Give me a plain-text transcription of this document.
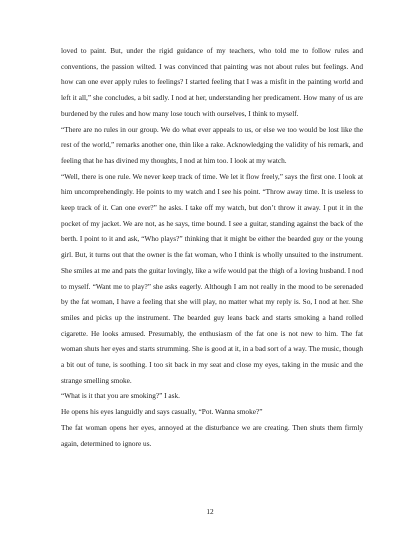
loved to paint. But, under the rigid guidance of my teachers, who told me to follow rules and conventions, the passion wilted. I was convinced that painting was not about rules but feelings. And how can one ever apply rules to feelings? I started feeling that I was a misfit in the painting world and left it all,” she concludes, a bit sadly. I nod at her, understanding her predicament. How many of us are burdened by the rules and how many lose touch with ourselves, I think to myself.

“There are no rules in our group. We do what ever appeals to us, or else we too would be lost like the rest of the world,” remarks another one, thin like a rake. Acknowledging the validity of his remark, and feeling that he has divined my thoughts, I nod at him too. I look at my watch.

“Well, there is one rule. We never keep track of time. We let it flow freely,” says the first one. I look at him uncomprehendingly. He points to my watch and I see his point. “Throw away time. It is useless to keep track of it. Can one ever?” he asks. I take off my watch, but don’t throw it away. I put it in the pocket of my jacket. We are not, as he says, time bound. I see a guitar, standing against the back of the berth. I point to it and ask, “Who plays?” thinking that it might be either the bearded guy or the young girl. But, it turns out that the owner is the fat woman, who I think is wholly unsuited to the instrument. She smiles at me and pats the guitar lovingly, like a wife would pat the thigh of a loving husband. I nod to myself. “Want me to play?” she asks eagerly. Although I am not really in the mood to be serenaded by the fat woman, I have a feeling that she will play, no matter what my reply is. So, I nod at her. She smiles and picks up the instrument. The bearded guy leans back and starts smoking a hand rolled cigarette. He looks amused. Presumably, the enthusiasm of the fat one is not new to him. The fat woman shuts her eyes and starts strumming. She is good at it, in a bad sort of a way. The music, though a bit out of tune, is soothing. I too sit back in my seat and close my eyes, taking in the music and the strange smelling smoke.

“What is it that you are smoking?” I ask.

He opens his eyes languidly and says casually, “Pot. Wanna smoke?”

The fat woman opens her eyes, annoyed at the disturbance we are creating. Then shuts them firmly again, determined to ignore us.

12
